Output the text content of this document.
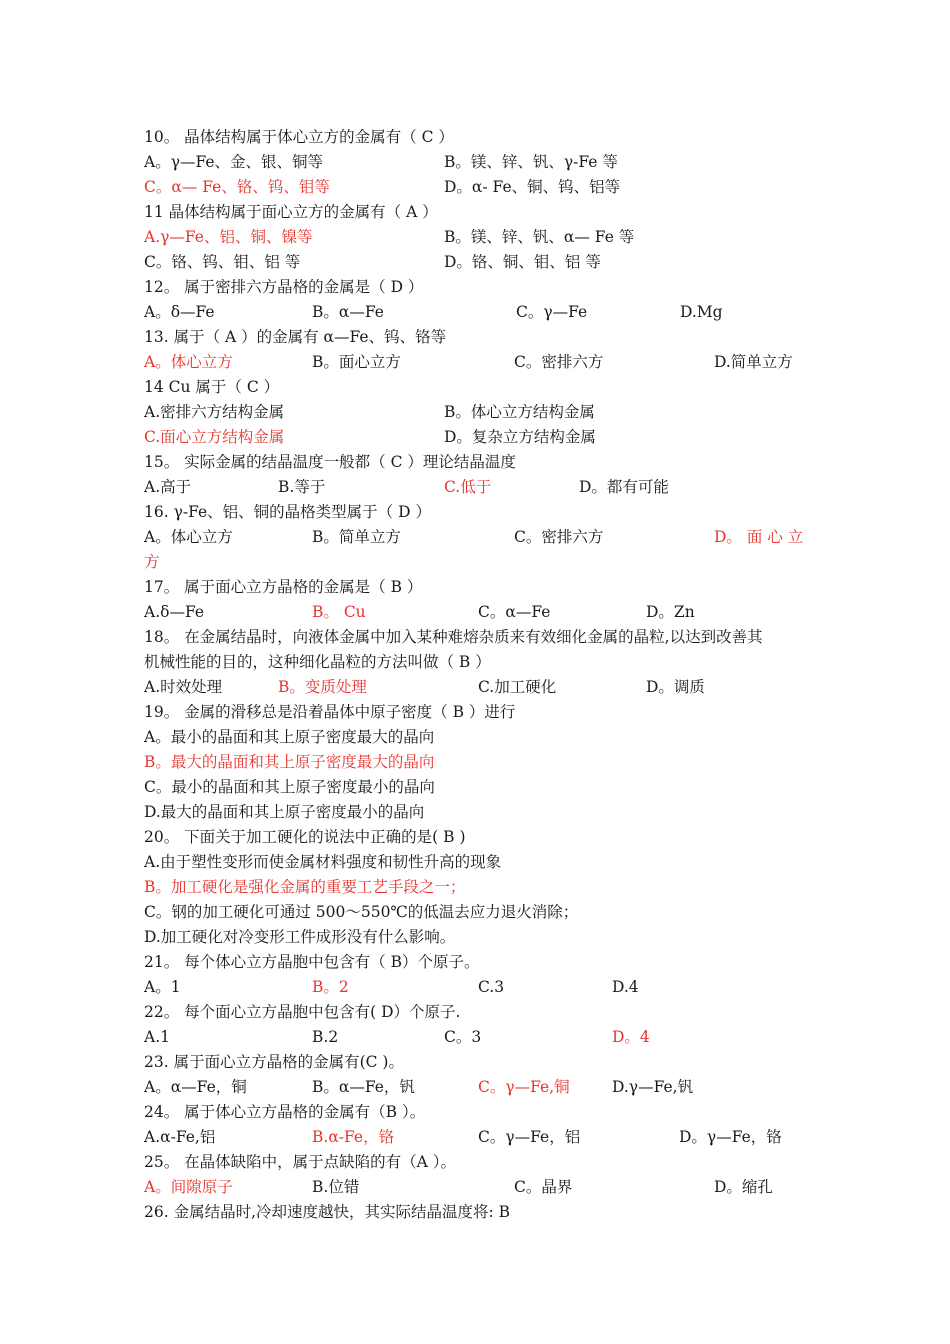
10。 晶体结构属于体心立方的金属有（ C ）
A。γ—Fe、金、银、铜等	B。镁、锌、钒、γ-Fe 等
C。α— Fe、铬、钨、钼等	D。α- Fe、铜、钨、铝等
11 晶体结构属于面心立方的金属有（ A ）
A.γ—Fe、铝、铜、镍等	B。镁、锌、钒、α— Fe 等
C。铬、钨、钼、铝 等	D。铬、铜、钼、铝 等
12。 属于密排六方晶格的金属是（ D ）
A。δ—Fe	B。α—Fe	C。γ—Fe	D.Mg
13. 属于（ A ）的金属有 α—Fe、钨、铬等
A。体心立方	B。面心立方	C。密排六方	D.简单立方
14 Cu 属于（ C ）
A.密排六方结构金属	B。体心立方结构金属
C.面心立方结构金属	D。复杂立方结构金属
15。 实际金属的结晶温度一般都（ C ）理论结晶温度
A.高于	B.等于	C.低于	D。都有可能
16. γ-Fe、铝、铜的晶格类型属于（ D ）
A。体心立方	B。简单立方	C。密排六方	D。 面 心 立
方
17。 属于面心立方晶格的金属是（ B ）
A.δ—Fe	B。 Cu	C。α—Fe	D。Zn
18。 在金属结晶时，向液体金属中加入某种难熔杂质来有效细化金属的晶粒,以达到改善其
机械性能的目的，这种细化晶粒的方法叫做（ B ）
A.时效处理	B。变质处理	C.加工硬化	D。调质
19。 金属的滑移总是沿着晶体中原子密度（ B ）进行
A。最小的晶面和其上原子密度最大的晶向
B。最大的晶面和其上原子密度最大的晶向
C。最小的晶面和其上原子密度最小的晶向
D.最大的晶面和其上原子密度最小的晶向
20。 下面关于加工硬化的说法中正确的是( B )
A.由于塑性变形而使金属材料强度和韧性升高的现象
B。加工硬化是强化金属的重要工艺手段之一；
C。钢的加工硬化可通过 500～550℃的低温去应力退火消除；
D.加工硬化对冷变形工件成形没有什么影响。
21。 每个体心立方晶胞中包含有（ B）个原子。
A。1	B。2	C.3	D.4
22。 每个面心立方晶胞中包含有( D）个原子.
A.1	B.2	C。3	D。4
23. 属于面心立方晶格的金属有(C )。
A。α—Fe，铜	B。α—Fe，钒	C。γ—Fe,铜	D.γ—Fe,钒
24。 属于体心立方晶格的金属有（B ）。
A.α-Fe,铝	B.α-Fe，铬	C。γ—Fe，铝	D。γ—Fe，铬
25。 在晶体缺陷中，属于点缺陷的有（A ）。
A。间隙原子	B.位错	C。晶界	D。缩孔
26. 金属结晶时,冷却速度越快，其实际结晶温度将: B
